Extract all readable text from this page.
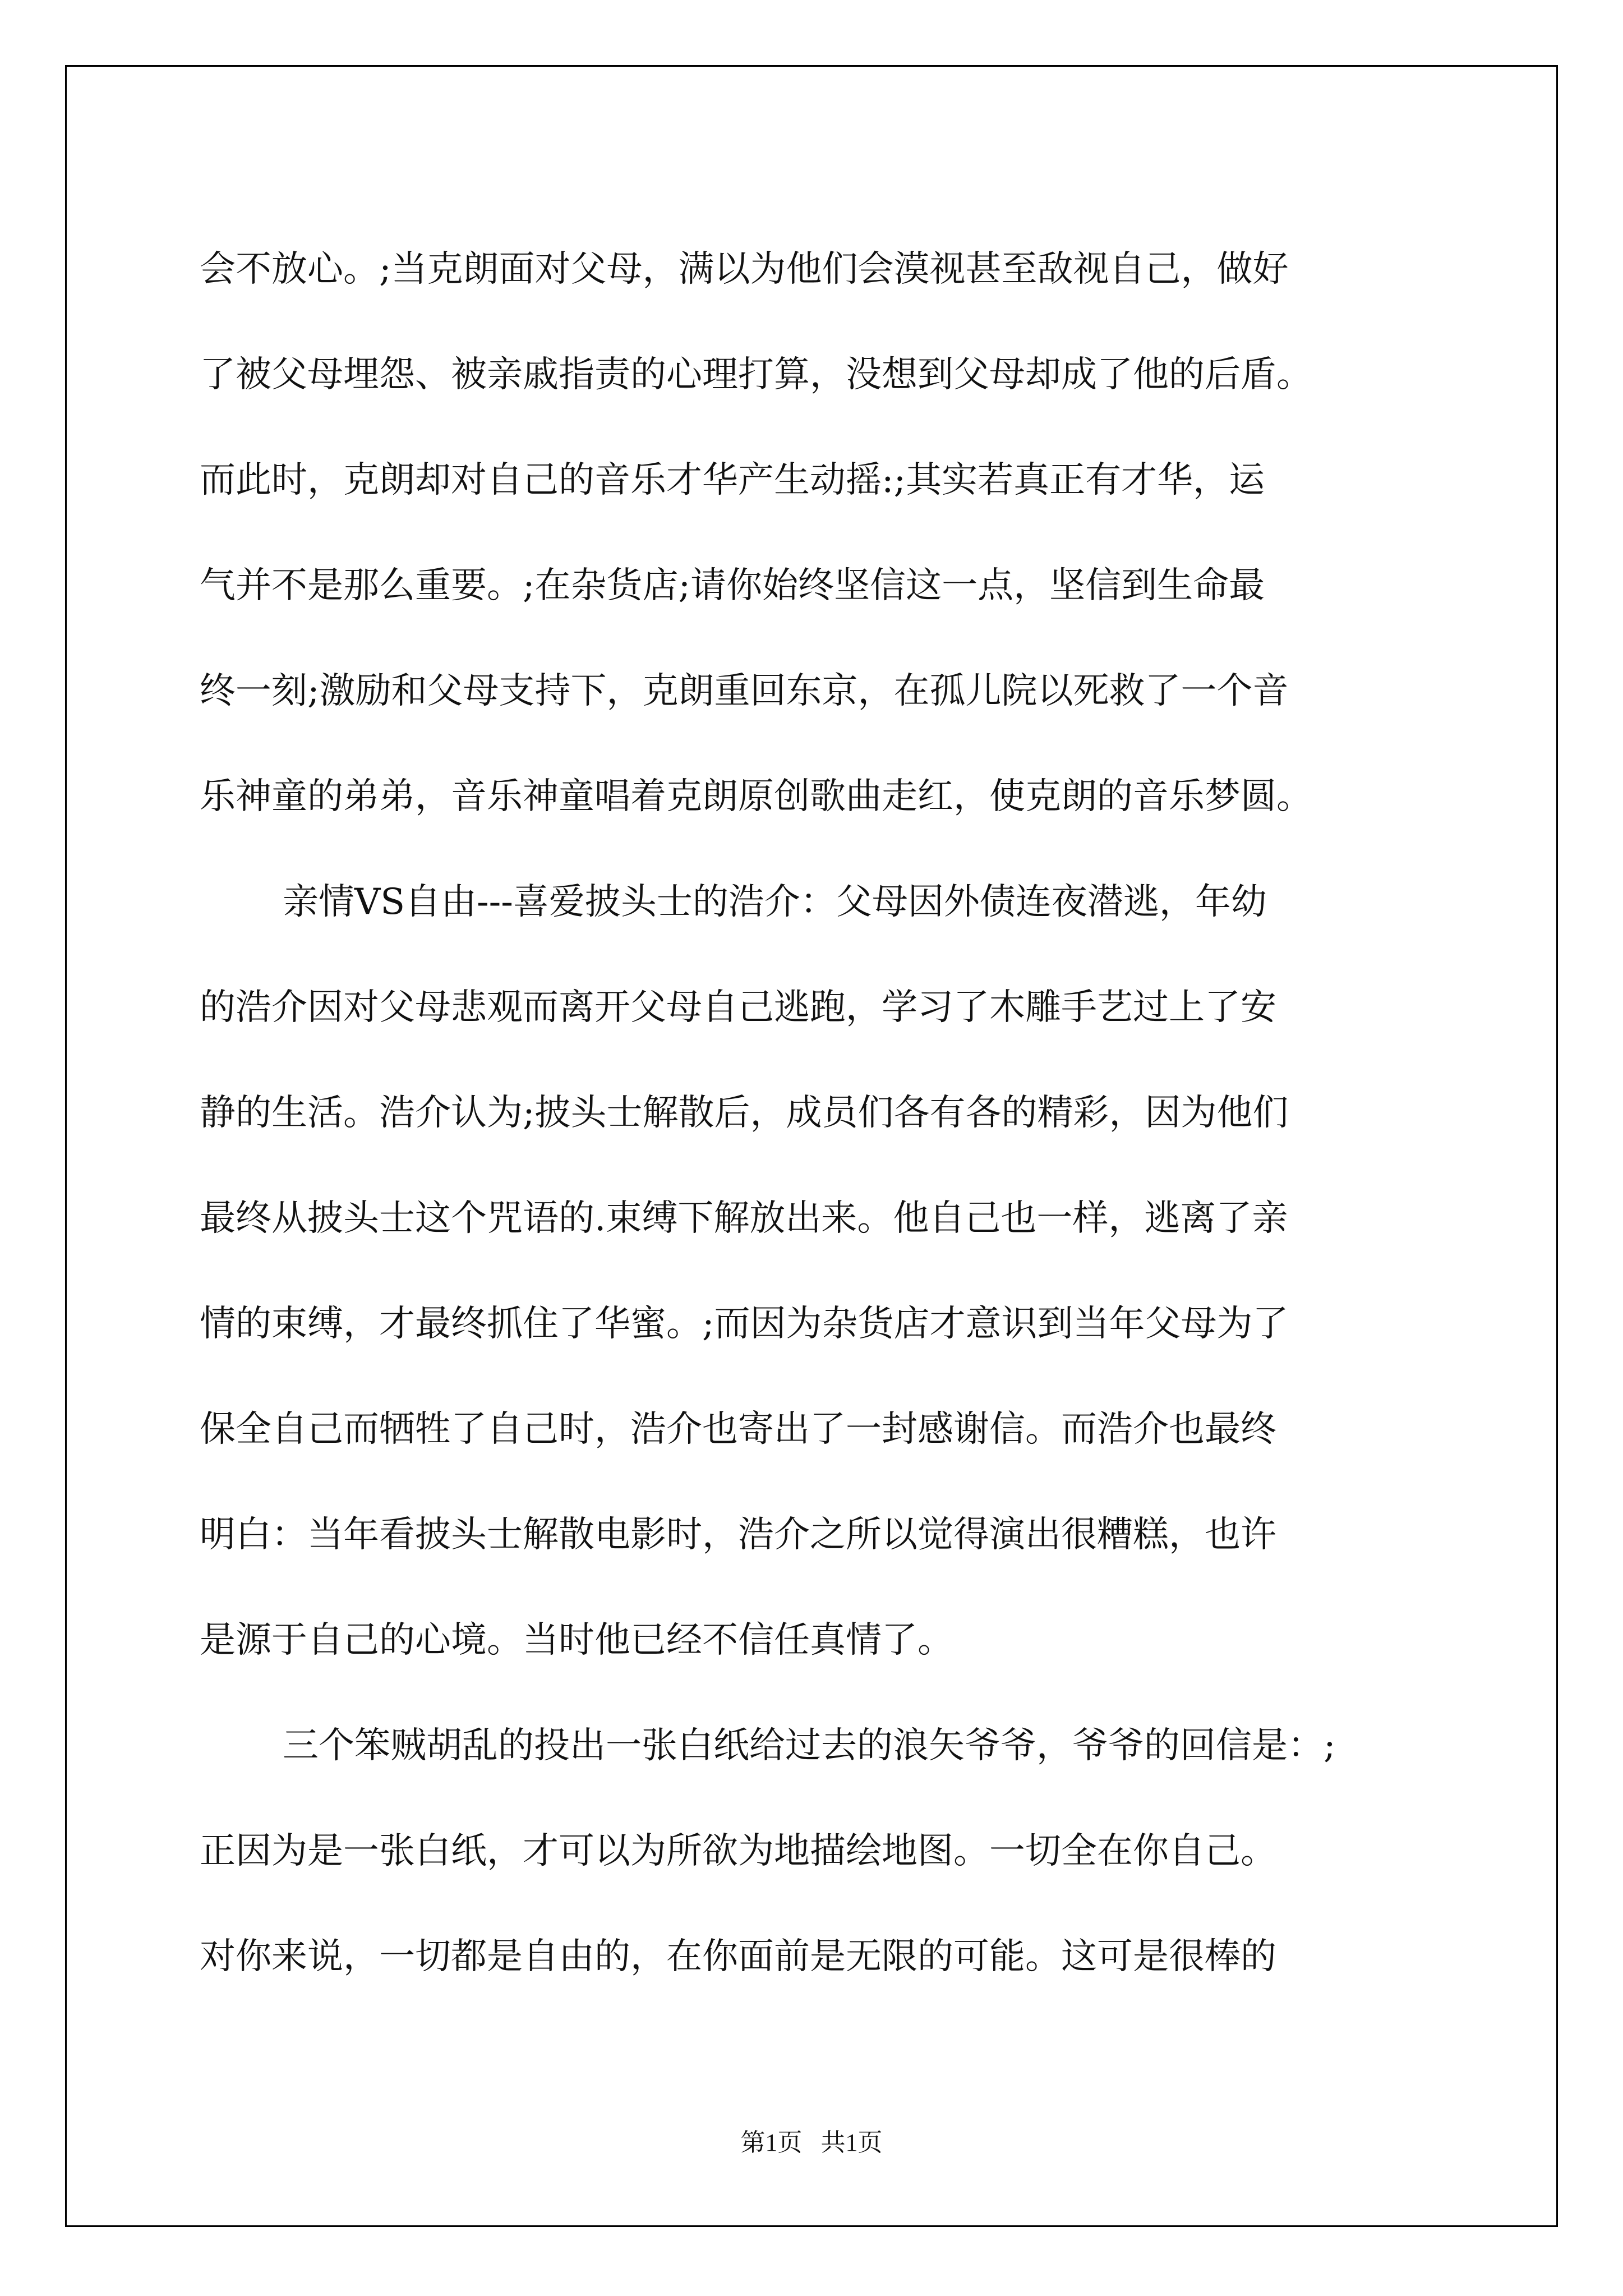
会不放心。;当克朗面对父母，满以为他们会漠视甚至敌视自己，做好
了被父母埋怨、被亲戚指责的心理打算，没想到父母却成了他的后盾。
而此时，克朗却对自己的音乐才华产生动摇:;其实若真正有才华，运
气并不是那么重要。;在杂货店;请你始终坚信这一点，坚信到生命最
终一刻;激励和父母支持下，克朗重回东京，在孤儿院以死救了一个音
乐神童的弟弟，音乐神童唱着克朗原创歌曲走红，使克朗的音乐梦圆。
亲情VS自由---喜爱披头士的浩介：父母因外债连夜潜逃，年幼
的浩介因对父母悲观而离开父母自己逃跑，学习了木雕手艺过上了安
静的生活。浩介认为;披头士解散后，成员们各有各的精彩，因为他们
最终从披头士这个咒语的.束缚下解放出来。他自己也一样，逃离了亲
情的束缚，才最终抓住了华蜜。;而因为杂货店才意识到当年父母为了
保全自己而牺牲了自己时，浩介也寄出了一封感谢信。而浩介也最终
明白：当年看披头士解散电影时，浩介之所以觉得演出很糟糕，也许
是源于自己的心境。当时他已经不信任真情了。
三个笨贼胡乱的投出一张白纸给过去的浪矢爷爷，爷爷的回信是：;
正因为是一张白纸，才可以为所欲为地描绘地图。一切全在你自己。
对你来说，一切都是自由的，在你面前是无限的可能。这可是很棒的
第1页   共1页
